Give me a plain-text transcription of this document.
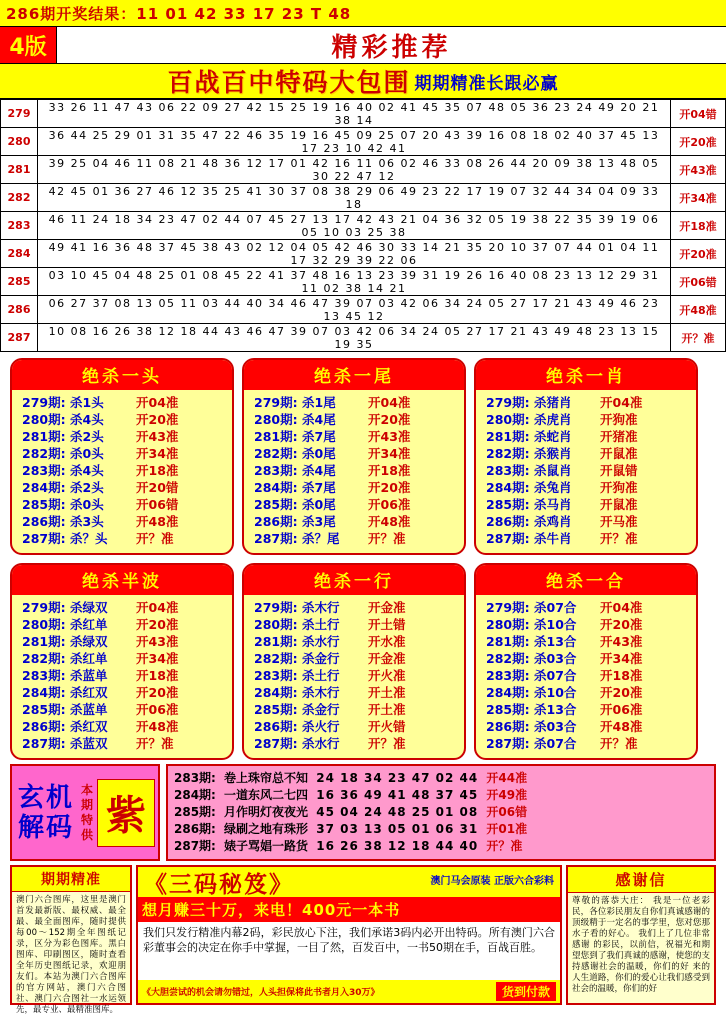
286期开奖结果：11 01 42 33 17 23 T 48
4版	精彩推荐
百战百中特码大包围 期期精准长跟必赢
279	33 26 11 47 43 06 22 09 27 42 15 25 19 16 40 02 41 45 35 07 48 05 36 23 24 49 20 21 38 14	开04错
280	36 44 25 29 01 31 35 47 22 46 35 19 16 45 09 25 07 20 43 39 16 08 18 02 40 37 45 13 17 23 10 42 41	开20准
281	39 25 04 46 11 08 21 48 36 12 17 01 42 16 11 06 02 46 33 08 26 44 20 09 38 13 48 05 30 22 47 12	开43准
282	42 45 01 36 27 46 12 35 25 41 30 37 08 38 29 06 49 23 22 17 19 07 32 44 34 04 09 33 18	开34准
283	46 11 24 18 34 23 47 02 44 07 45 27 13 17 42 43 21 04 36 32 05 19 38 22 35 39 19 06 05 10 03 25 38	开18准
284	49 41 16 36 48 37 45 38 43 02 12 04 05 42 46 30 33 14 21 35 20 10 37 07 44 01 04 11 17 32 29 39 22 06	开20准
285	03 10 45 04 48 25 01 08 45 22 41 37 48 16 13 23 39 31 19 26 16 40 08 23 13 12 29 31 11 02 38 14 21	开06错
286	06 27 37 08 13 05 11 03 44 40 34 46 47 39 07 03 42 06 34 24 05 27 17 21 43 49 46 23 13 45 12	开48准
287	10 08 16 26 38 12 18 44 43 46 47 39 07 03 42 06 34 24 05 27 17 21 43 49 48 23 13 15 19 35	开？准
绝杀一头
279期: 杀1头	开04准
280期: 杀4头	开20准
281期: 杀2头	开43准
282期: 杀0头	开34准
283期: 杀4头	开18准
284期: 杀2头	开20错
285期: 杀0头	开06错
286期: 杀3头	开48准
287期: 杀？头	开？准
绝杀一尾
279期: 杀1尾	开04准
280期: 杀4尾	开20准
281期: 杀7尾	开43准
282期: 杀0尾	开34准
283期: 杀4尾	开18准
284期: 杀7尾	开20准
285期: 杀0尾	开06准
286期: 杀3尾	开48准
287期: 杀？尾	开？准
绝杀一肖
279期: 杀猪肖	开04准
280期: 杀虎肖	开狗准
281期: 杀蛇肖	开猪准
282期: 杀猴肖	开鼠准
283期: 杀鼠肖	开鼠错
284期: 杀兔肖	开狗准
285期: 杀马肖	开鼠准
286期: 杀鸡肖	开马准
287期: 杀牛肖	开？准
绝杀半波
279期: 杀绿双	开04准
280期: 杀红单	开20准
281期: 杀绿双	开43准
282期: 杀红单	开34准
283期: 杀蓝单	开18准
284期: 杀红双	开20准
285期: 杀蓝单	开06准
286期: 杀红双	开48准
287期: 杀蓝双	开？准
绝杀一行
279期: 杀木行	开金准
280期: 杀土行	开土错
281期: 杀水行	开水准
282期: 杀金行	开金准
283期: 杀土行	开火准
284期: 杀木行	开土准
285期: 杀金行	开土准
286期: 杀火行	开火错
287期: 杀水行	开？准
绝杀一合
279期: 杀07合	开04准
280期: 杀10合	开20准
281期: 杀13合	开43准
282期: 杀03合	开34准
283期: 杀07合	开18准
284期: 杀10合	开20准
285期: 杀13合	开06准
286期: 杀03合	开48准
287期: 杀07合	开？准
玄机
解码
本期
特供 紫
283期: 卷上珠帘总不知 24 18 34 23 47 02 44 开44准
284期: 一道东风二七四 16 36 49 41 48 37 45 开49准
285期: 月作明灯夜夜光 45 04 24 48 25 01 08 开06错
286期: 绿刷之地有珠形 37 03 13 05 01 06 31 开01准
287期: 婊子骂娼一路货 16 26 38 12 18 44 40 开？准
期期精准
澳门六合图库，这里是澳门首发最新版、最权威、最全最、最全面图库，随时提供每00～152期全年图纸记录，区分为彩色图库。黑白图库、印刷图区，随时查看全年历史图纸记录，欢迎朋友们。本站为澳门六合图库的官方网站，澳门六合图社、澳门六合图社一水运领先，最专业、最精准图库。
《三码秘笈》	澳门马会原装 正版六合彩料
想月赚三十万，来电！400元一本书
我们只发行精准内幕2码，彩民放心下注，我们承诺3码内必开出特码。所有澳门六合彩董事会的决定在你手中掌握，一目了然，百发百中，一书50期在手，百战百胜。
《大胆尝试的机会请勿错过，人头担保将此书者月入30万》	货到付款
感谢信
尊敬的落恭大庄： 我是一位老彩民，各位彩民朋友自你们真诚感谢的顶级精于一定名的事学里，您对您那水子看的好心。 我们上了几位非常感谢 的彩民，以前信，祝福光和期望您到了我们真诚的感谢，使您的支持感谢社会的温暖，你们的好 来的人生道路，你们的爱心让我们感受到社会的温暖，你们的好
